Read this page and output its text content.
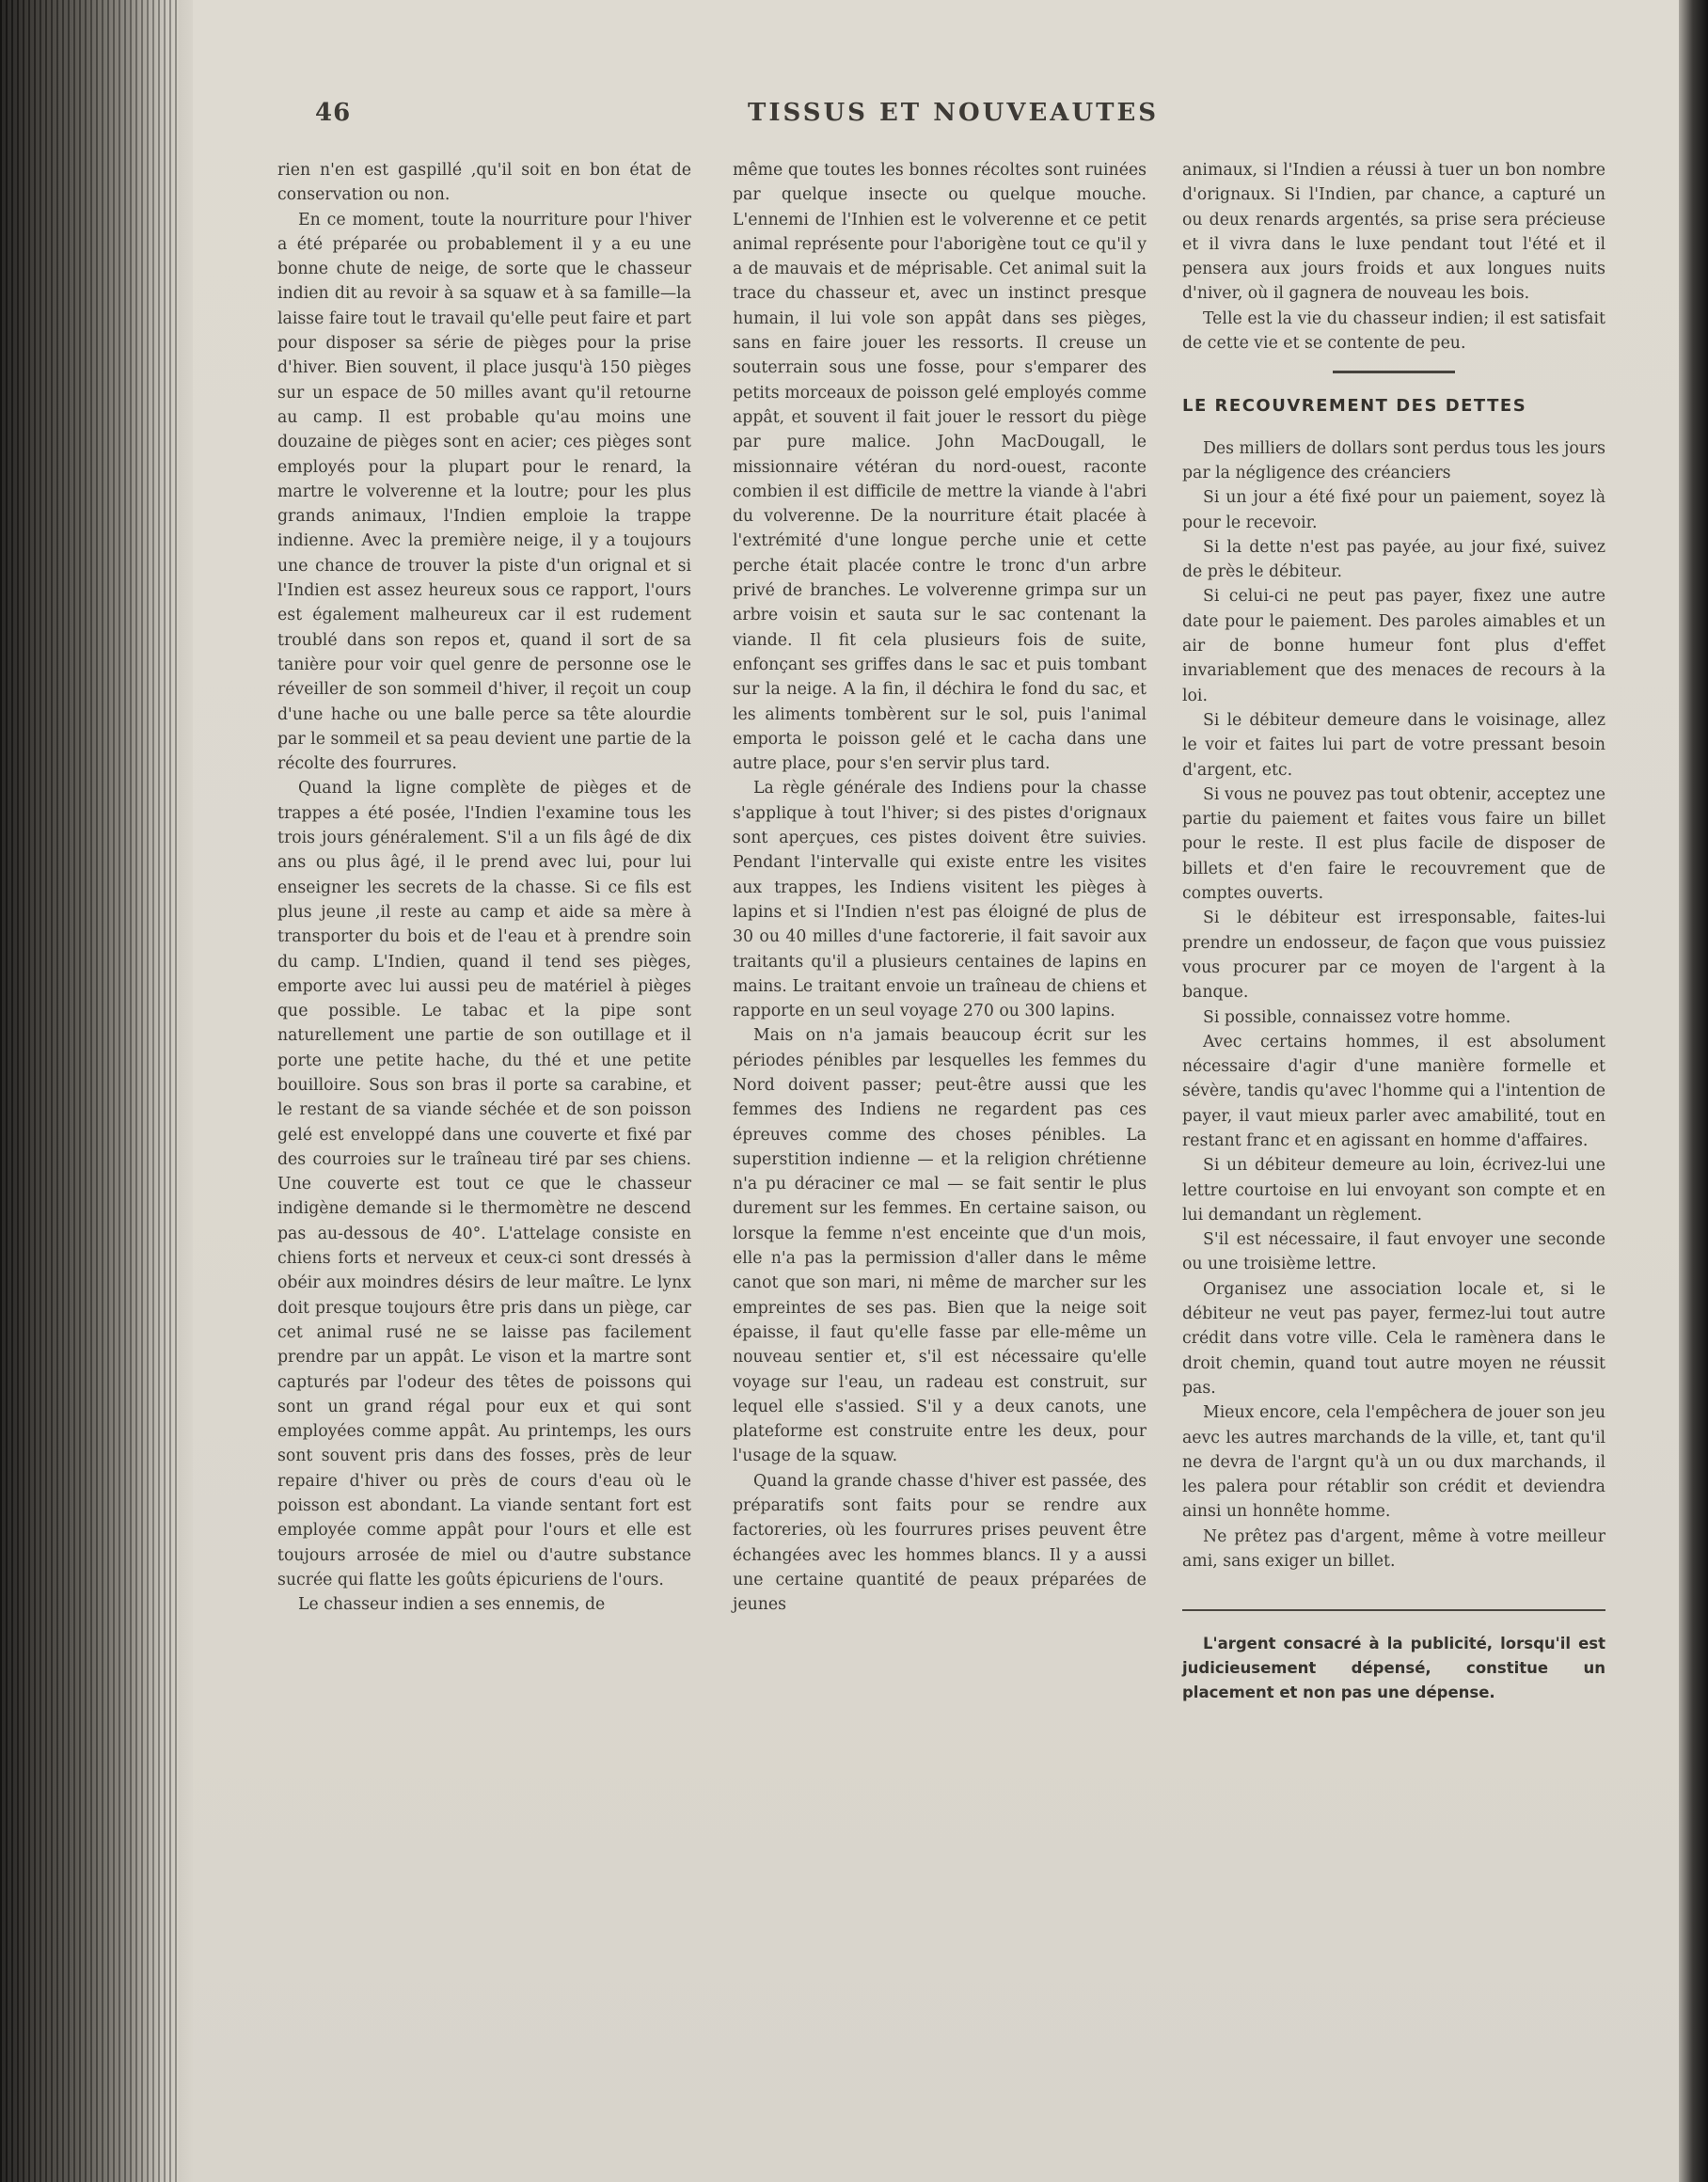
46	TISSUS ET NOUVEAUTES

rien n'en est gaspillé ,qu'il soit en bon état de conservation ou non.

En ce moment, toute la nourriture pour l'hiver a été préparée ou probablement il y a eu une bonne chute de neige, de sorte que le chasseur indien dit au revoir à sa squaw et à sa famille—la laisse faire tout le travail qu'elle peut faire et part pour disposer sa série de pièges pour la prise d'hiver. Bien souvent, il place jusqu'à 150 pièges sur un espace de 50 milles avant qu'il retourne au camp. Il est probable qu'au moins une douzaine de pièges sont en acier; ces pièges sont employés pour la plupart pour le renard, la martre le volverenne et la loutre; pour les plus grands animaux, l'Indien emploie la trappe indienne. Avec la première neige, il y a toujours une chance de trouver la piste d'un orignal et si l'Indien est assez heureux sous ce rapport, l'ours est également malheureux car il est rudement troublé dans son repos et, quand il sort de sa tanière pour voir quel genre de personne ose le réveiller de son sommeil d'hiver, il reçoit un coup d'une hache ou une balle perce sa tête alourdie par le sommeil et sa peau devient une partie de la récolte des fourrures.

Quand la ligne complète de pièges et de trappes a été posée, l'Indien l'examine tous les trois jours généralement. S'il a un fils âgé de dix ans ou plus âgé, il le prend avec lui, pour lui enseigner les secrets de la chasse. Si ce fils est plus jeune ,il reste au camp et aide sa mère à transporter du bois et de l'eau et à prendre soin du camp. L'Indien, quand il tend ses pièges, emporte avec lui aussi peu de matériel à pièges que possible. Le tabac et la pipe sont naturellement une partie de son outillage et il porte une petite hache, du thé et une petite bouilloire. Sous son bras il porte sa carabine, et le restant de sa viande séchée et de son poisson gelé est enveloppé dans une couverte et fixé par des courroies sur le traîneau tiré par ses chiens. Une couverte est tout ce que le chasseur indigène demande si le thermomètre ne descend pas au-dessous de 40°. L'attelage consiste en chiens forts et nerveux et ceux-ci sont dressés à obéir aux moindres désirs de leur maître. Le lynx doit presque toujours être pris dans un piège, car cet animal rusé ne se laisse pas facilement prendre par un appât. Le vison et la martre sont capturés par l'odeur des têtes de poissons qui sont un grand régal pour eux et qui sont employées comme appât. Au printemps, les ours sont souvent pris dans des fosses, près de leur repaire d'hiver ou près de cours d'eau où le poisson est abondant. La viande sentant fort est employée comme appât pour l'ours et elle est toujours arrosée de miel ou d'autre substance sucrée qui flatte les goûts épicuriens de l'ours.

Le chasseur indien a ses ennemis, de

même que toutes les bonnes récoltes sont ruinées par quelque insecte ou quelque mouche. L'ennemi de l'Inhien est le volverenne et ce petit animal représente pour l'aborigène tout ce qu'il y a de mauvais et de méprisable. Cet animal suit la trace du chasseur et, avec un instinct presque humain, il lui vole son appât dans ses pièges, sans en faire jouer les ressorts. Il creuse un souterrain sous une fosse, pour s'emparer des petits morceaux de poisson gelé employés comme appât, et souvent il fait jouer le ressort du piège par pure malice. John MacDougall, le missionnaire vétéran du nord-ouest, raconte combien il est difficile de mettre la viande à l'abri du volverenne. De la nourriture était placée à l'extrémité d'une longue perche unie et cette perche était placée contre le tronc d'un arbre privé de branches. Le volverenne grimpa sur un arbre voisin et sauta sur le sac contenant la viande. Il fit cela plusieurs fois de suite, enfonçant ses griffes dans le sac et puis tombant sur la neige. A la fin, il déchira le fond du sac, et les aliments tombèrent sur le sol, puis l'animal emporta le poisson gelé et le cacha dans une autre place, pour s'en servir plus tard.

La règle générale des Indiens pour la chasse s'applique à tout l'hiver; si des pistes d'orignaux sont aperçues, ces pistes doivent être suivies. Pendant l'intervalle qui existe entre les visites aux trappes, les Indiens visitent les pièges à lapins et si l'Indien n'est pas éloigné de plus de 30 ou 40 milles d'une factorerie, il fait savoir aux traitants qu'il a plusieurs centaines de lapins en mains. Le traitant envoie un traîneau de chiens et rapporte en un seul voyage 270 ou 300 lapins.

Mais on n'a jamais beaucoup écrit sur les périodes pénibles par lesquelles les femmes du Nord doivent passer; peut-être aussi que les femmes des Indiens ne regardent pas ces épreuves comme des choses pénibles. La superstition indienne — et la religion chrétienne n'a pu déraciner ce mal — se fait sentir le plus durement sur les femmes. En certaine saison, ou lorsque la femme n'est enceinte que d'un mois, elle n'a pas la permission d'aller dans le même canot que son mari, ni même de marcher sur les empreintes de ses pas. Bien que la neige soit épaisse, il faut qu'elle fasse par elle-même un nouveau sentier et, s'il est nécessaire qu'elle voyage sur l'eau, un radeau est construit, sur lequel elle s'assied. S'il y a deux canots, une plateforme est construite entre les deux, pour l'usage de la squaw.

Quand la grande chasse d'hiver est passée, des préparatifs sont faits pour se rendre aux factoreries, où les fourrures prises peuvent être échangées avec les hommes blancs. Il y a aussi une certaine quantité de peaux préparées de jeunes

animaux, si l'Indien a réussi à tuer un bon nombre d'orignaux. Si l'Indien, par chance, a capturé un ou deux renards argentés, sa prise sera précieuse et il vivra dans le luxe pendant tout l'été et il pensera aux jours froids et aux longues nuits d'niver, où il gagnera de nouveau les bois.

Telle est la vie du chasseur indien; il est satisfait de cette vie et se contente de peu.

LE RECOUVREMENT DES DETTES

Des milliers de dollars sont perdus tous les jours par la négligence des créanciers

Si un jour a été fixé pour un paiement, soyez là pour le recevoir.

Si la dette n'est pas payée, au jour fixé, suivez de près le débiteur.

Si celui-ci ne peut pas payer, fixez une autre date pour le paiement. Des paroles aimables et un air de bonne humeur font plus d'effet invariablement que des menaces de recours à la loi.

Si le débiteur demeure dans le voisinage, allez le voir et faites lui part de votre pressant besoin d'argent, etc.

Si vous ne pouvez pas tout obtenir, acceptez une partie du paiement et faites vous faire un billet pour le reste. Il est plus facile de disposer de billets et d'en faire le recouvrement que de comptes ouverts.

Si le débiteur est irresponsable, faites-lui prendre un endosseur, de façon que vous puissiez vous procurer par ce moyen de l'argent à la banque.

Si possible, connaissez votre homme.

Avec certains hommes, il est absolument nécessaire d'agir d'une manière formelle et sévère, tandis qu'avec l'homme qui a l'intention de payer, il vaut mieux parler avec amabilité, tout en restant franc et en agissant en homme d'affaires.

Si un débiteur demeure au loin, écrivez-lui une lettre courtoise en lui envoyant son compte et en lui demandant un règlement.

S'il est nécessaire, il faut envoyer une seconde ou une troisième lettre.

Organisez une association locale et, si le débiteur ne veut pas payer, fermez-lui tout autre crédit dans votre ville. Cela le ramènera dans le droit chemin, quand tout autre moyen ne réussit pas.

Mieux encore, cela l'empêchera de jouer son jeu aevc les autres marchands de la ville, et, tant qu'il ne devra de l'argnt qu'à un ou dux marchands, il les palera pour rétablir son crédit et deviendra ainsi un honnête homme.

Ne prêtez pas d'argent, même à votre meilleur ami, sans exiger un billet.

L'argent consacré à la publicité, lorsqu'il est judicieusement dépensé, constitue un placement et non pas une dépense.
